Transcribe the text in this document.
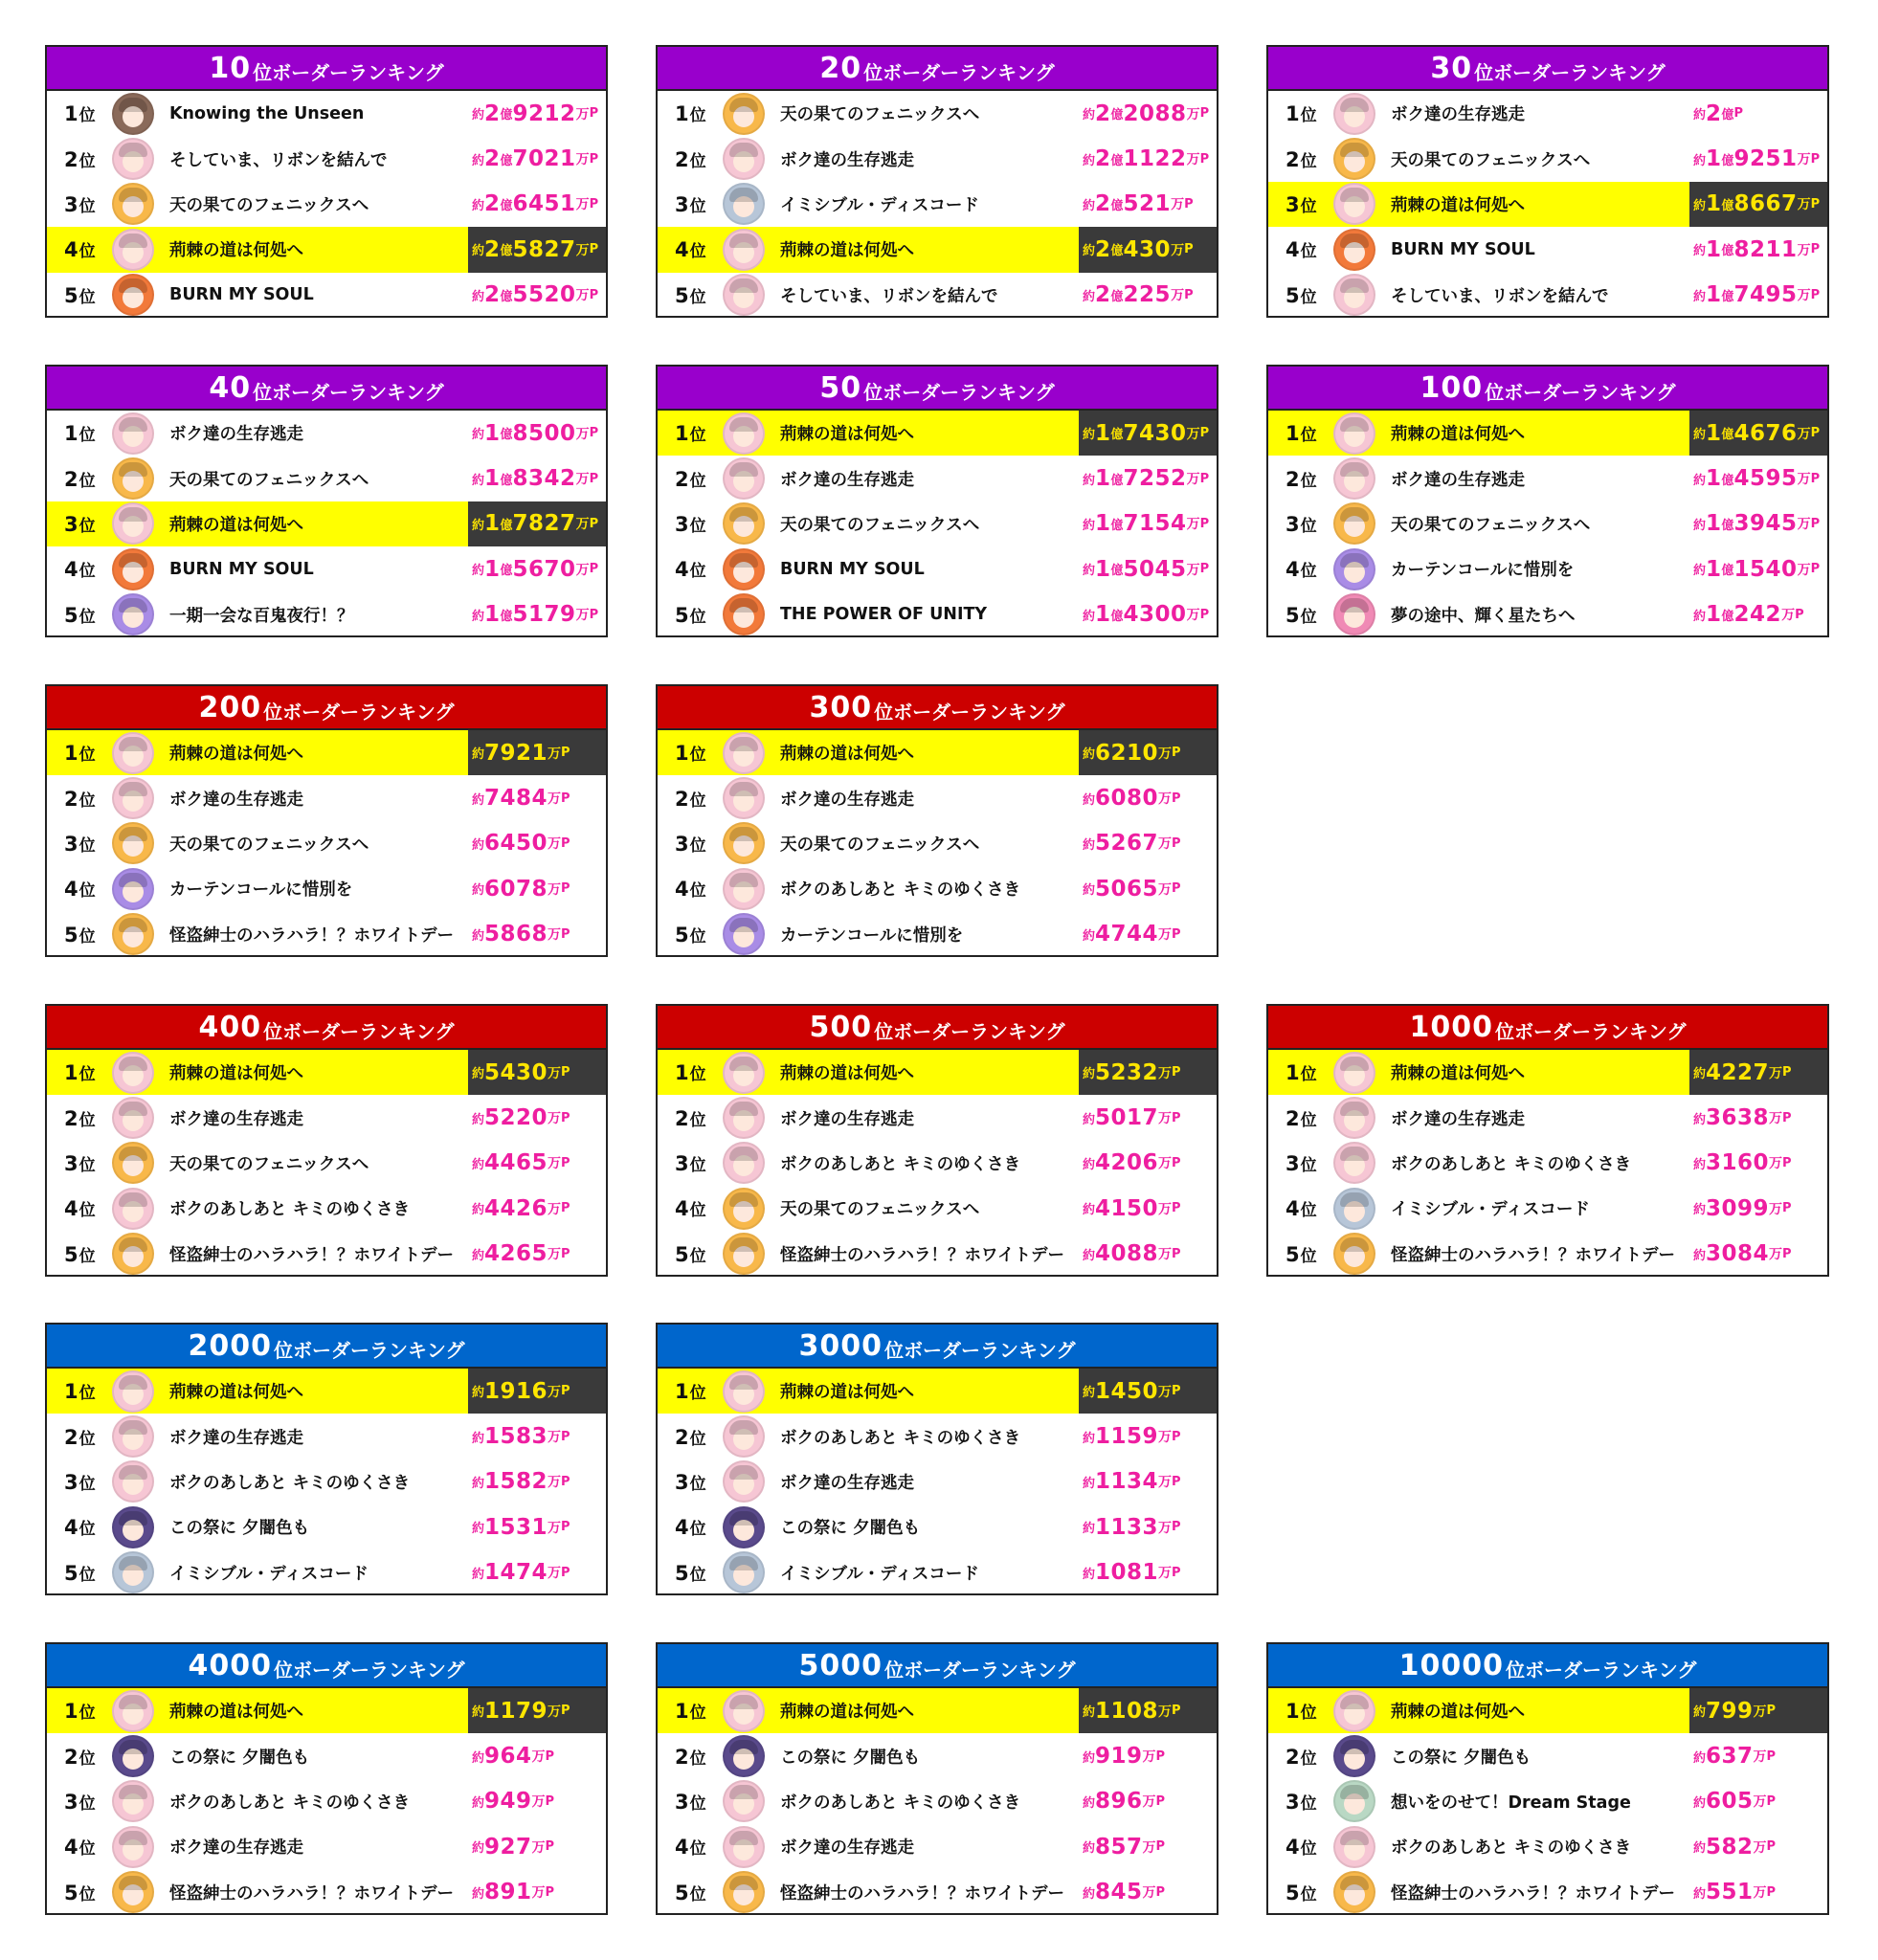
10 位ボーダーランキング
1 位	Knowing the Unseen	約 2 億 9212 万 P
2 位	そしていま、リボンを結んで	約 2 億 7021 万 P
3 位	天の果てのフェニックスへ	約 2 億 6451 万 P
4 位	荊棘の道は何処へ	約 2 億 5827 万 P
5 位	BURN MY SOUL	約 2 億 5520 万 P
20 位ボーダーランキング
1 位	天の果てのフェニックスへ	約 2 億 2088 万 P
2 位	ボク達の生存逃走	約 2 億 1122 万 P
3 位	イミシブル・ディスコード	約 2 億 521 万 P
4 位	荊棘の道は何処へ	約 2 億 430 万 P
5 位	そしていま、リボンを結んで	約 2 億 225 万 P
30 位ボーダーランキング
1 位	ボク達の生存逃走	約 2 億 P
2 位	天の果てのフェニックスへ	約 1 億 9251 万 P
3 位	荊棘の道は何処へ	約 1 億 8667 万 P
4 位	BURN MY SOUL	約 1 億 8211 万 P
5 位	そしていま、リボンを結んで	約 1 億 7495 万 P
40 位ボーダーランキング
1 位	ボク達の生存逃走	約 1 億 8500 万 P
2 位	天の果てのフェニックスへ	約 1 億 8342 万 P
3 位	荊棘の道は何処へ	約 1 億 7827 万 P
4 位	BURN MY SOUL	約 1 億 5670 万 P
5 位	一期一会な百鬼夜行！？	約 1 億 5179 万 P
50 位ボーダーランキング
1 位	荊棘の道は何処へ	約 1 億 7430 万 P
2 位	ボク達の生存逃走	約 1 億 7252 万 P
3 位	天の果てのフェニックスへ	約 1 億 7154 万 P
4 位	BURN MY SOUL	約 1 億 5045 万 P
5 位	THE POWER OF UNITY	約 1 億 4300 万 P
100 位ボーダーランキング
1 位	荊棘の道は何処へ	約 1 億 4676 万 P
2 位	ボク達の生存逃走	約 1 億 4595 万 P
3 位	天の果てのフェニックスへ	約 1 億 3945 万 P
4 位	カーテンコールに惜別を	約 1 億 1540 万 P
5 位	夢の途中、輝く星たちへ	約 1 億 242 万 P
200 位ボーダーランキング
1 位	荊棘の道は何処へ	約 7921 万 P
2 位	ボク達の生存逃走	約 7484 万 P
3 位	天の果てのフェニックスへ	約 6450 万 P
4 位	カーテンコールに惜別を	約 6078 万 P
5 位	怪盗紳士のハラハラ！？ホワイトデー	約 5868 万 P
300 位ボーダーランキング
1 位	荊棘の道は何処へ	約 6210 万 P
2 位	ボク達の生存逃走	約 6080 万 P
3 位	天の果てのフェニックスへ	約 5267 万 P
4 位	ボクのあしあと キミのゆくさき	約 5065 万 P
5 位	カーテンコールに惜別を	約 4744 万 P
400 位ボーダーランキング
1 位	荊棘の道は何処へ	約 5430 万 P
2 位	ボク達の生存逃走	約 5220 万 P
3 位	天の果てのフェニックスへ	約 4465 万 P
4 位	ボクのあしあと キミのゆくさき	約 4426 万 P
5 位	怪盗紳士のハラハラ！？ホワイトデー	約 4265 万 P
500 位ボーダーランキング
1 位	荊棘の道は何処へ	約 5232 万 P
2 位	ボク達の生存逃走	約 5017 万 P
3 位	ボクのあしあと キミのゆくさき	約 4206 万 P
4 位	天の果てのフェニックスへ	約 4150 万 P
5 位	怪盗紳士のハラハラ！？ホワイトデー	約 4088 万 P
1000 位ボーダーランキング
1 位	荊棘の道は何処へ	約 4227 万 P
2 位	ボク達の生存逃走	約 3638 万 P
3 位	ボクのあしあと キミのゆくさき	約 3160 万 P
4 位	イミシブル・ディスコード	約 3099 万 P
5 位	怪盗紳士のハラハラ！？ホワイトデー	約 3084 万 P
2000 位ボーダーランキング
1 位	荊棘の道は何処へ	約 1916 万 P
2 位	ボク達の生存逃走	約 1583 万 P
3 位	ボクのあしあと キミのゆくさき	約 1582 万 P
4 位	この祭に 夕闇色も	約 1531 万 P
5 位	イミシブル・ディスコード	約 1474 万 P
3000 位ボーダーランキング
1 位	荊棘の道は何処へ	約 1450 万 P
2 位	ボクのあしあと キミのゆくさき	約 1159 万 P
3 位	ボク達の生存逃走	約 1134 万 P
4 位	この祭に 夕闇色も	約 1133 万 P
5 位	イミシブル・ディスコード	約 1081 万 P
4000 位ボーダーランキング
1 位	荊棘の道は何処へ	約 1179 万 P
2 位	この祭に 夕闇色も	約 964 万 P
3 位	ボクのあしあと キミのゆくさき	約 949 万 P
4 位	ボク達の生存逃走	約 927 万 P
5 位	怪盗紳士のハラハラ！？ホワイトデー	約 891 万 P
5000 位ボーダーランキング
1 位	荊棘の道は何処へ	約 1108 万 P
2 位	この祭に 夕闇色も	約 919 万 P
3 位	ボクのあしあと キミのゆくさき	約 896 万 P
4 位	ボク達の生存逃走	約 857 万 P
5 位	怪盗紳士のハラハラ！？ホワイトデー	約 845 万 P
10000 位ボーダーランキング
1 位	荊棘の道は何処へ	約 799 万 P
2 位	この祭に 夕闇色も	約 637 万 P
3 位	想いをのせて！Dream Stage	約 605 万 P
4 位	ボクのあしあと キミのゆくさき	約 582 万 P
5 位	怪盗紳士のハラハラ！？ホワイトデー	約 551 万 P
